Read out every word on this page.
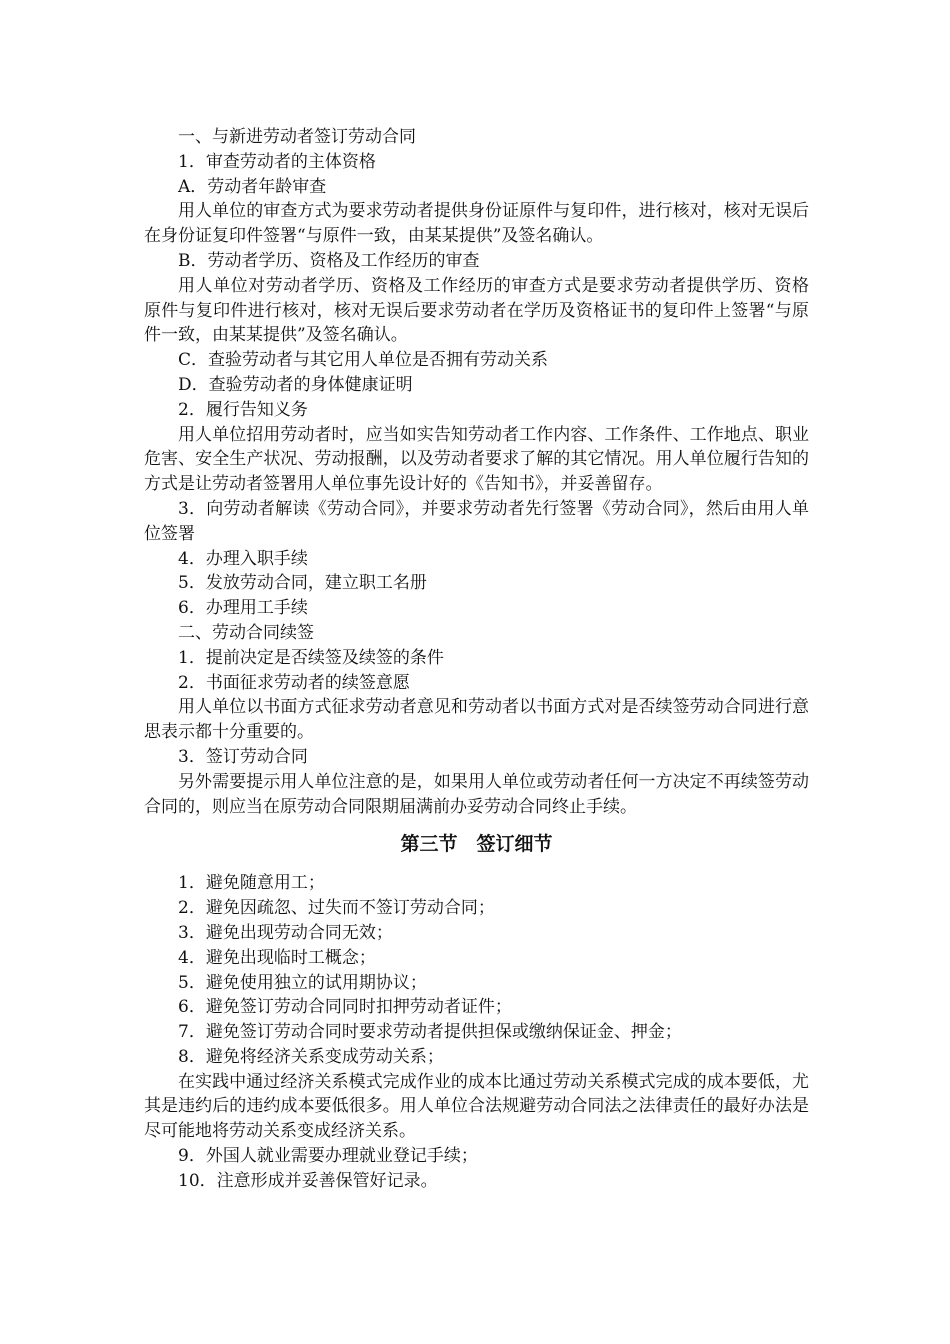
一、与新进劳动者签订劳动合同

1．审查劳动者的主体资格

A．劳动者年龄审查

用人单位的审查方式为要求劳动者提供身份证原件与复印件，进行核对，核对无误后在身份证复印件签署“与原件一致，由某某提供”及签名确认。

B．劳动者学历、资格及工作经历的审查

用人单位对劳动者学历、资格及工作经历的审查方式是要求劳动者提供学历、资格 原件与复印件进行核对，核对无误后要求劳动者在学历及资格证书的复印件上签署“与原件一致，由某某提供”及签名确认。

C．查验劳动者与其它用人单位是否拥有劳动关系

D．查验劳动者的身体健康证明

2．履行告知义务

用人单位招用劳动者时，应当如实告知劳动者工作内容、工作条件、工作地点、职业危害、安全生产状况、劳动报酬，以及劳动者要求了解的其它情况。用人单位履行告知的方式是让劳动者签署用人单位事先设计好的《告知书》，并妥善留存。

3．向劳动者解读《劳动合同》，并要求劳动者先行签署《劳动合同》，然后由用人单位签署

4．办理入职手续

5．发放劳动合同，建立职工名册

6．办理用工手续

二、劳动合同续签

1．提前决定是否续签及续签的条件

2．书面征求劳动者的续签意愿

用人单位以书面方式征求劳动者意见和劳动者以书面方式对是否续签劳动合同进行意思表示都十分重要的。

3．签订劳动合同

另外需要提示用人单位注意的是，如果用人单位或劳动者任何一方决定不再续签劳动合同的，则应当在原劳动合同限期届满前办妥劳动合同终止手续。

第三节　签订细节

1．避免随意用工；

2．避免因疏忽、过失而不签订劳动合同；

3．避免出现劳动合同无效；

4．避免出现临时工概念；

5．避免使用独立的试用期协议；

6．避免签订劳动合同同时扣押劳动者证件；

7．避免签订劳动合同时要求劳动者提供担保或缴纳保证金、押金；

8．避免将经济关系变成劳动关系；

在实践中通过经济关系模式完成作业的成本比通过劳动关系模式完成的成本要低，尤其是违约后的违约成本要低很多。用人单位合法规避劳动合同法之法律责任的最好办法是尽可能地将劳动关系变成经济关系。

9．外国人就业需要办理就业登记手续；

10．注意形成并妥善保管好记录。
